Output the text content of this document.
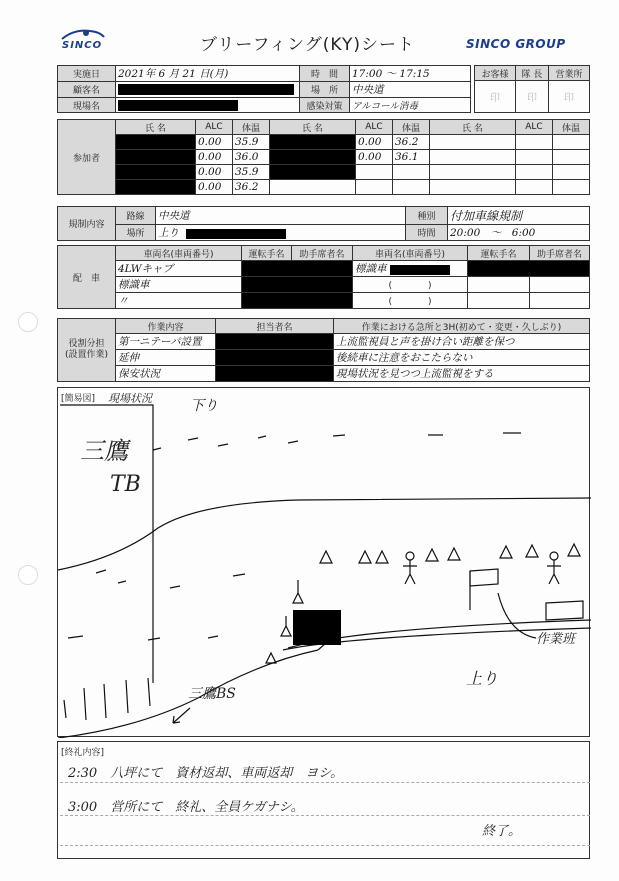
SINCO	ブリーフィング(KY)シート	SINCO GROUP
実施日	2021年 6 月 21 日(月)	時　間	17:00 〜 17:15
顧客名		場　所	中央道
現場名		感染対策	アルコール消毒
お客様	隊 長	営業所
印	印	印
参加者	氏 名	ALC	体温	氏 名	ALC	体温	氏 名	ALC	体温
		0.00	35.9		0.00	36.2			
		0.00	36.0		0.00	36.1			
		0.00	35.9						
		0.00	36.2						
規制内容	路線	中央道	種別	付加車線規制
	場所	上り	時間	20:00　〜　6:00
配　車	車両名(車両番号)	運転手名	助手席者名	車両名(車両番号)	運転手名	助手席者名
	4LWキャブ			標識車		
	標識車			(　　　　)		
	〃			(　　　　)		
役割分担
(設置作業)	作業内容	担当者名	作業における急所と3H(初めて・変更・久しぶり)
	第一ニテーパ設置		上流監視員と声を掛け合い距離を保つ
	延伸		後続車に注意をおこたらない
	保安状況		現場状況を見つつ上流監視をする
[簡易図] 現場状況	下り
三鷹
TB
三鷹BS
上り
作業班
[終礼内容]
2:30　八坪にて　資材返却、車両返却　ヨシ。
3:00　営所にて　終礼、全員ケガナシ。
終了。
